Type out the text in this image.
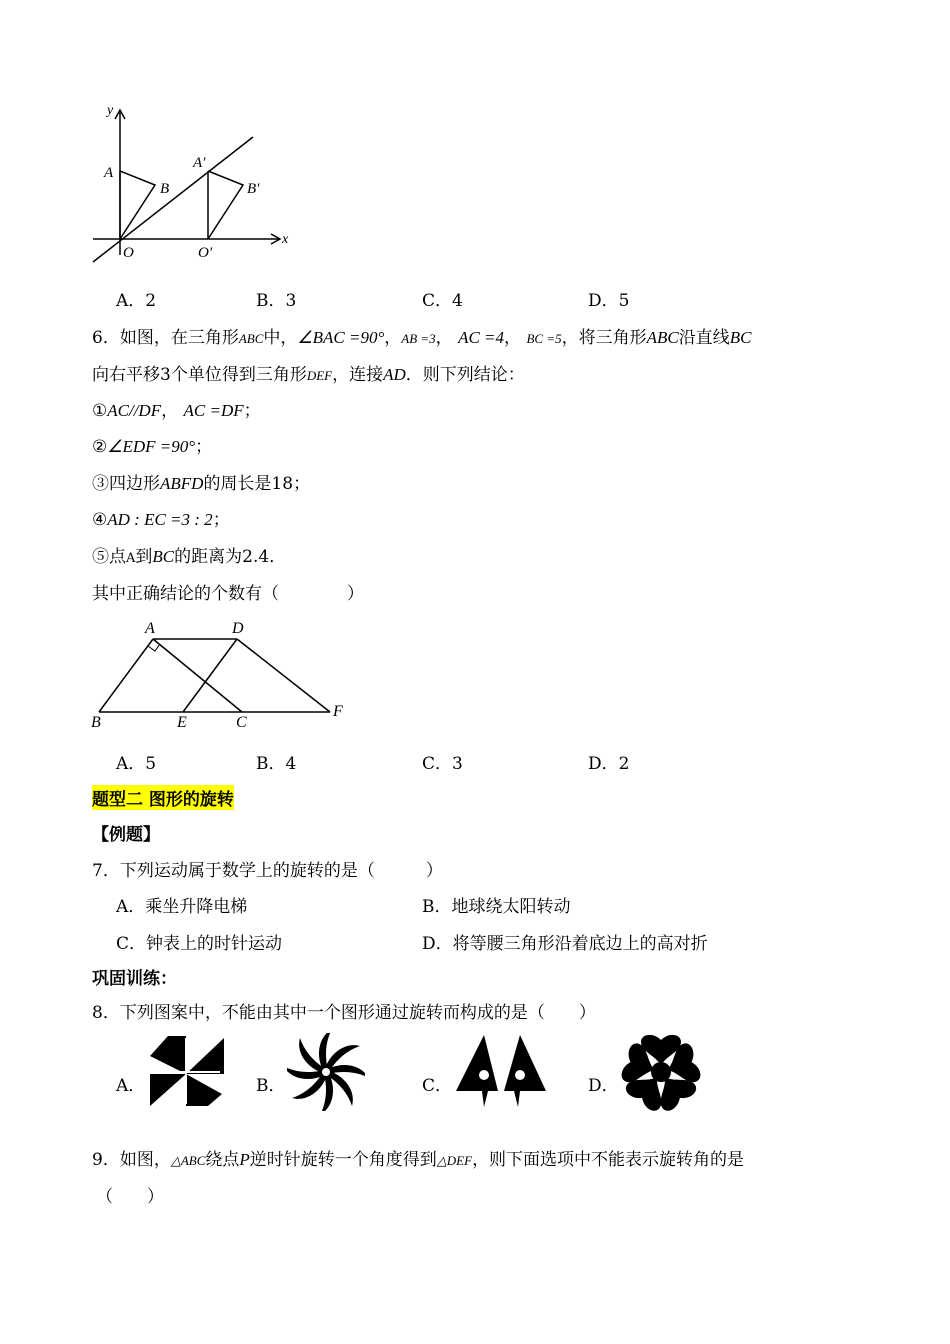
y
x
A
B
O
A′
B′
O′
A．2	B．3	C．4	D．5
6．如图，在三角形ABC中，∠BAC =90°，AB =3， AC =4， BC =5，将三角形ABC沿直线BC
向右平移3个单位得到三角形DEF，连接AD．则下列结论：
①AC//DF， AC =DF；
②∠EDF =90°；
③四边形ABFD的周长是18；
④AD : EC =3 : 2；
⑤点A到BC的距离为2.4．
其中正确结论的个数有（　　　　）
A	D
B	E	C
F
A．5	B．4	C．3	D．2
题型二 图形的旋转
【例题】
7．下列运动属于数学上的旋转的是（　　　）
A．乘坐升降电梯	B．地球绕太阳转动
C．钟表上的时针运动	D．将等腰三角形沿着底边上的高对折
巩固训练：
8．下列图案中，不能由其中一个图形通过旋转而构成的是（　　）
A．	B．	C．	D．
9．如图，△ABC绕点P逆时针旋转一个角度得到△DEF，则下面选项中不能表示旋转角的是
（　　）
